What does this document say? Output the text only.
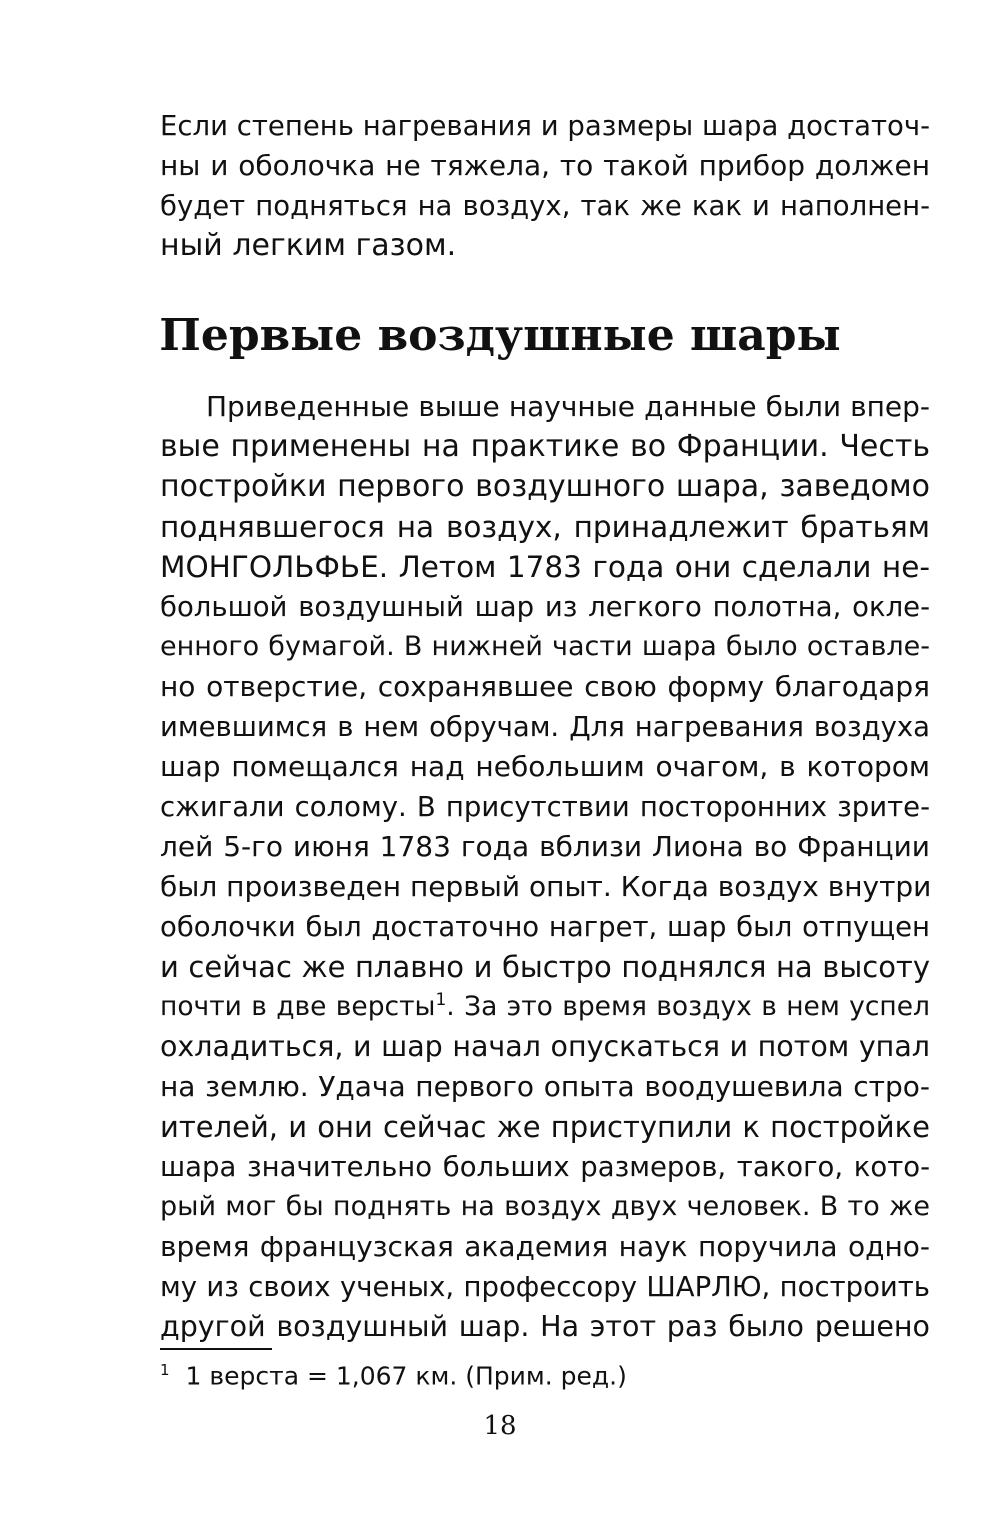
Если степень нагревания и размеры шара достаточ-

ны и оболочка не тяжела, то такой прибор должен

будет подняться на воздух, так же как и наполнен-

ный легким газом.

Первые воздушные шары

Приведенные выше научные данные были впер-

вые применены на практике во Франции. Честь

постройки первого воздушного шара, заведомо

поднявшегося на воздух, принадлежит братьям

МОНГОЛЬФЬЕ. Летом 1783 года они сделали не-

большой воздушный шар из легкого полотна, окле-

енного бумагой. В нижней части шара было оставле-

но отверстие, сохранявшее свою форму благодаря

имевшимся в нем обручам. Для нагревания воздуха

шар помещался над небольшим очагом, в котором

сжигали солому. В присутствии посторонних зрите-

лей 5-го июня 1783 года вблизи Лиона во Франции

был произведен первый опыт. Когда воздух внутри

оболочки был достаточно нагрет, шар был отпущен

и сейчас же плавно и быстро поднялся на высоту

почти в две версты$^1$. За это время воздух в нем успел

охладиться, и шар начал опускаться и потом упал

на землю. Удача первого опыта воодушевила стро-

ителей, и они сейчас же приступили к постройке

шара значительно больших размеров, такого, кото-

рый мог бы поднять на воздух двух человек. В то же

время французская академия наук поручила одно-

му из своих ученых, профессору ШАРЛЮ, построить

другой воздушный шар. На этот раз было решено

$^1$ 1 верста = 1,067 км. (Прим. ред.)

18
